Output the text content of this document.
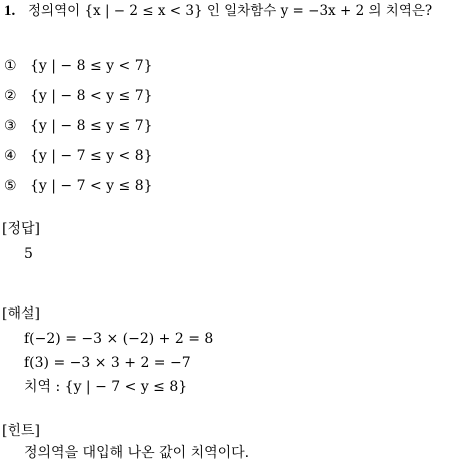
1. 정의역이 {x | − 2 ≤ x < 3} 인 일차함수 y = −3x + 2 의 치역은?
① {y | − 8 ≤ y < 7}
② {y | − 8 < y ≤ 7}
③ {y | − 8 ≤ y ≤ 7}
④ {y | − 7 ≤ y < 8}
⑤ {y | − 7 < y ≤ 8}
[정답]
5
[해설]
f(−2) = −3 × (−2) + 2 = 8
f(3) = −3 × 3 + 2 = −7
치역 : {y | − 7 < y ≤ 8}
[힌트]
정의역을 대입해 나온 값이 치역이다.
